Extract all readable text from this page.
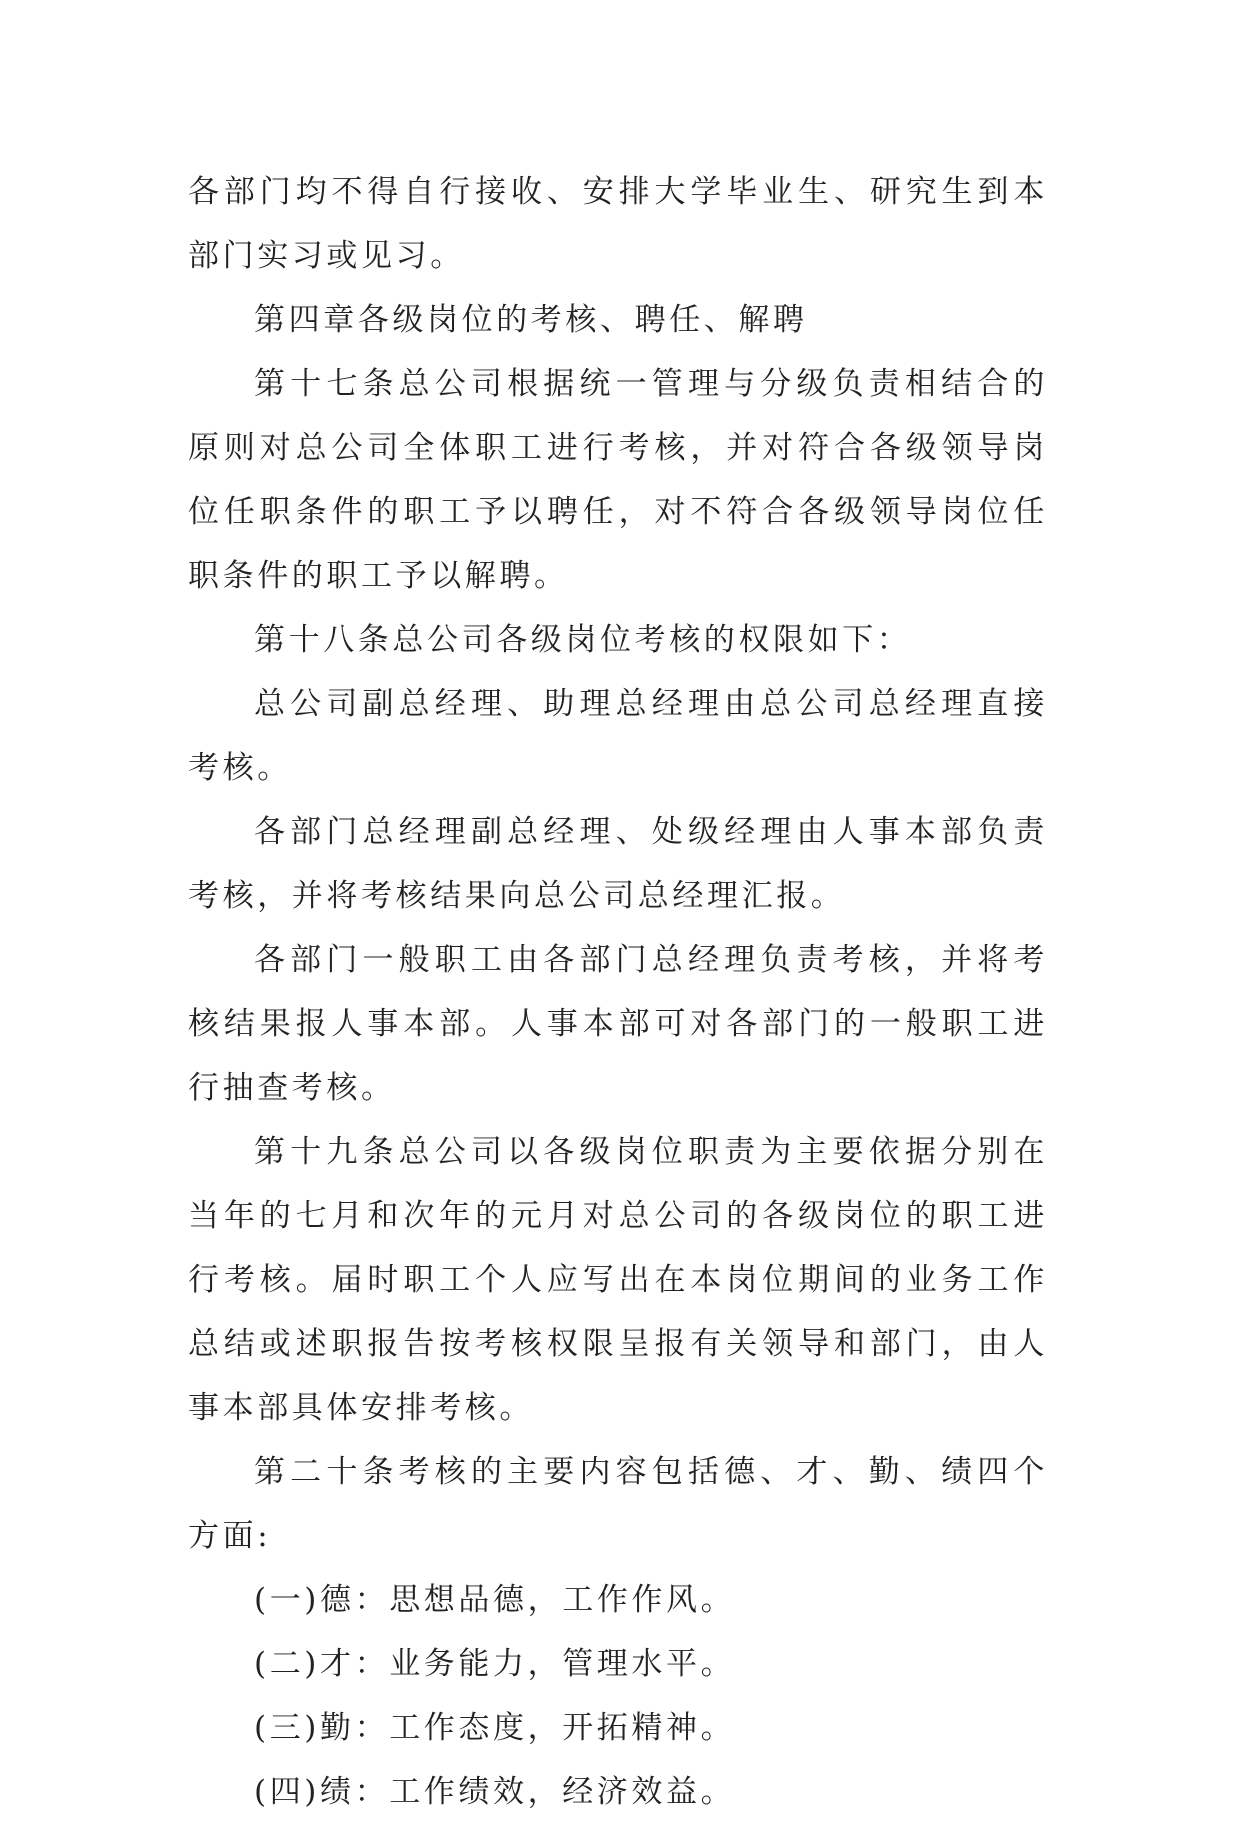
各部门均不得自行接收、安排大学毕业生、研究生到本部门实习或见习。

第四章各级岗位的考核、聘任、解聘

第十七条总公司根据统一管理与分级负责相结合的原则对总公司全体职工进行考核，并对符合各级领导岗位任职条件的职工予以聘任，对不符合各级领导岗位任职条件的职工予以解聘。

第十八条总公司各级岗位考核的权限如下：

总公司副总经理、助理总经理由总公司总经理直接考核。

各部门总经理副总经理、处级经理由人事本部负责考核，并将考核结果向总公司总经理汇报。

各部门一般职工由各部门总经理负责考核，并将考核结果报人事本部。人事本部可对各部门的一般职工进行抽查考核。

第十九条总公司以各级岗位职责为主要依据分别在当年的七月和次年的元月对总公司的各级岗位的职工进行考核。届时职工个人应写出在本岗位期间的业务工作总结或述职报告按考核权限呈报有关领导和部门，由人事本部具体安排考核。

第二十条考核的主要内容包括德、才、勤、绩四个方面:

(一)德：思想品德，工作作风。

(二)才：业务能力，管理水平。

(三)勤：工作态度，开拓精神。

(四)绩：工作绩效，经济效益。
